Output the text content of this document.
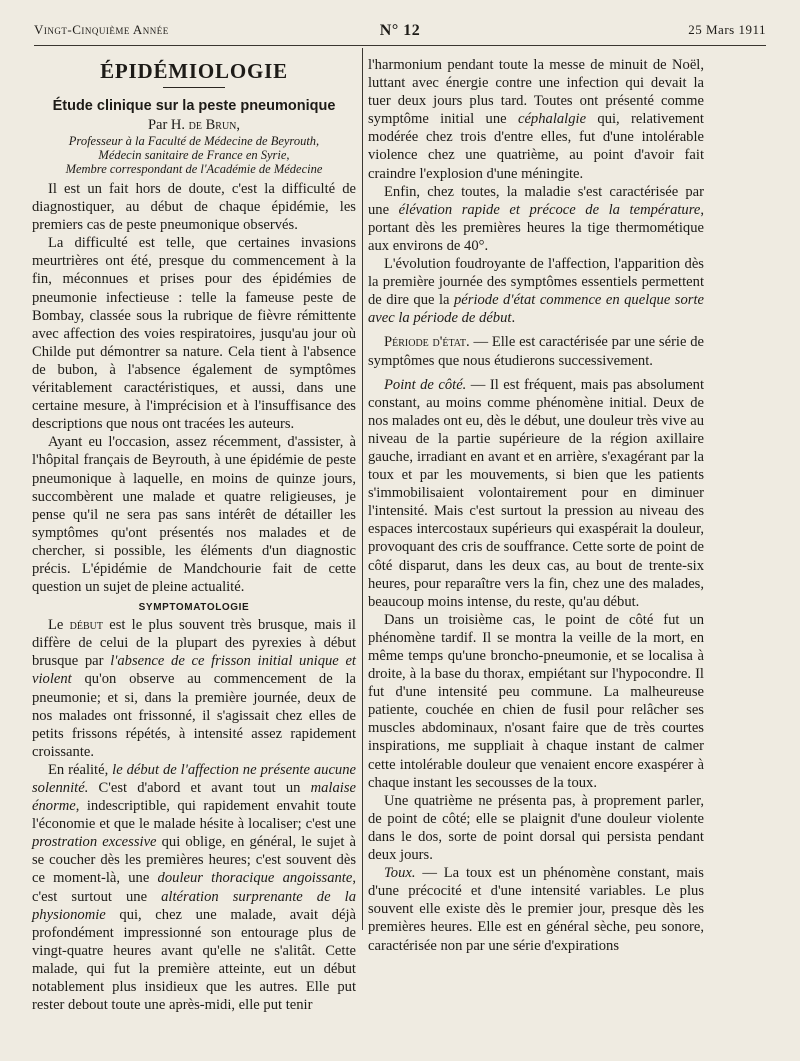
Vingt-Cinquième Année	N° 12	25 Mars 1911
ÉPIDÉMIOLOGIE
Étude clinique sur la peste pneumonique
Par H. de Brun,
Professeur à la Faculté de Médecine de Beyrouth,
Médecin sanitaire de France en Syrie,
Membre correspondant de l'Académie de Médecine

Il est un fait hors de doute, c'est la difficulté de diagnostiquer, au début de chaque épidémie, les premiers cas de peste pneumonique observés.

La difficulté est telle, que certaines invasions meurtrières ont été, presque du commencement à la fin, méconnues et prises pour des épidémies de pneumonie infectieuse : telle la fameuse peste de Bombay, classée sous la rubrique de fièvre rémittente avec affection des voies respiratoires, jusqu'au jour où Childe put démontrer sa nature. Cela tient à l'absence de bubon, à l'absence également de symptômes véritablement caractéristiques, et aussi, dans une certaine mesure, à l'imprécision et à l'insuffisance des descriptions que nous ont tracées les auteurs.

Ayant eu l'occasion, assez récemment, d'assister, à l'hôpital français de Beyrouth, à une épidémie de peste pneumonique à laquelle, en moins de quinze jours, succombèrent une malade et quatre religieuses, je pense qu'il ne sera pas sans intérêt de détailler les symptômes qu'ont présentés nos malades et de chercher, si possible, les éléments d'un diagnostic précis. L'épidémie de Mandchourie fait de cette question un sujet de pleine actualité.

SYMPTOMATOLOGIE

Le début est le plus souvent très brusque, mais il diffère de celui de la plupart des pyrexies à début brusque par l'absence de ce frisson initial unique et violent qu'on observe au commencement de la pneumonie; et si, dans la première journée, deux de nos malades ont frissonné, il s'agissait chez elles de petits frissons répétés, à intensité assez rapidement croissante.

En réalité, le début de l'affection ne présente aucune solennité. C'est d'abord et avant tout un malaise énorme, indescriptible, qui rapidement envahit toute l'économie et que le malade hésite à localiser; c'est une prostration excessive qui oblige, en général, le sujet à se coucher dès les premières heures; c'est souvent dès ce moment-là, une douleur thoracique angoissante, c'est surtout une altération surprenante de la physionomie qui, chez une malade, avait déjà profondément impressionné son entourage plus de vingt-quatre heures avant qu'elle ne s'alitât. Cette malade, qui fut la première atteinte, eut un début notablement plus insidieux que les autres. Elle put rester debout toute une après-midi, elle put tenir

l'harmonium pendant toute la messe de minuit de Noël, luttant avec énergie contre une infection qui devait la tuer deux jours plus tard. Toutes ont présenté comme symptôme initial une céphalalgie qui, relativement modérée chez trois d'entre elles, fut d'une intolérable violence chez une quatrième, au point d'avoir fait craindre l'explosion d'une méningite.

Enfin, chez toutes, la maladie s'est caractérisée par une élévation rapide et précoce de la température, portant dès les premières heures la tige thermométique aux environs de 40°.

L'évolution foudroyante de l'affection, l'apparition dès la première journée des symptômes essentiels permettent de dire que la période d'état commence en quelque sorte avec la période de début.

Période d'état. — Elle est caractérisée par une série de symptômes que nous étudierons successivement.

Point de côté. — Il est fréquent, mais pas absolument constant, au moins comme phénomène initial. Deux de nos malades ont eu, dès le début, une douleur très vive au niveau de la partie supérieure de la région axillaire gauche, irradiant en avant et en arrière, s'exagérant par la toux et par les mouvements, si bien que les patients s'immobilisaient volontairement pour en diminuer l'intensité. Mais c'est surtout la pression au niveau des espaces intercostaux supérieurs qui exaspérait la douleur, provoquant des cris de souffrance. Cette sorte de point de côté disparut, dans les deux cas, au bout de trente-six heures, pour reparaître vers la fin, chez une des malades, beaucoup moins intense, du reste, qu'au début.

Dans un troisième cas, le point de côté fut un phénomène tardif. Il se montra la veille de la mort, en même temps qu'une broncho-pneumonie, et se localisa à droite, à la base du thorax, empiétant sur l'hypocondre. Il fut d'une intensité peu commune. La malheureuse patiente, couchée en chien de fusil pour relâcher ses muscles abdominaux, n'osant faire que de très courtes inspirations, me suppliait à chaque instant de calmer cette intolérable douleur que venaient encore exaspérer à chaque instant les secousses de la toux.

Une quatrième ne présenta pas, à proprement parler, de point de côté; elle se plaignit d'une douleur violente dans le dos, sorte de point dorsal qui persista pendant deux jours.

Toux. — La toux est un phénomène constant, mais d'une précocité et d'une intensité variables. Le plus souvent elle existe dès le premier jour, presque dès les premières heures. Elle est en général sèche, peu sonore, caractérisée non par une série d'expirations
